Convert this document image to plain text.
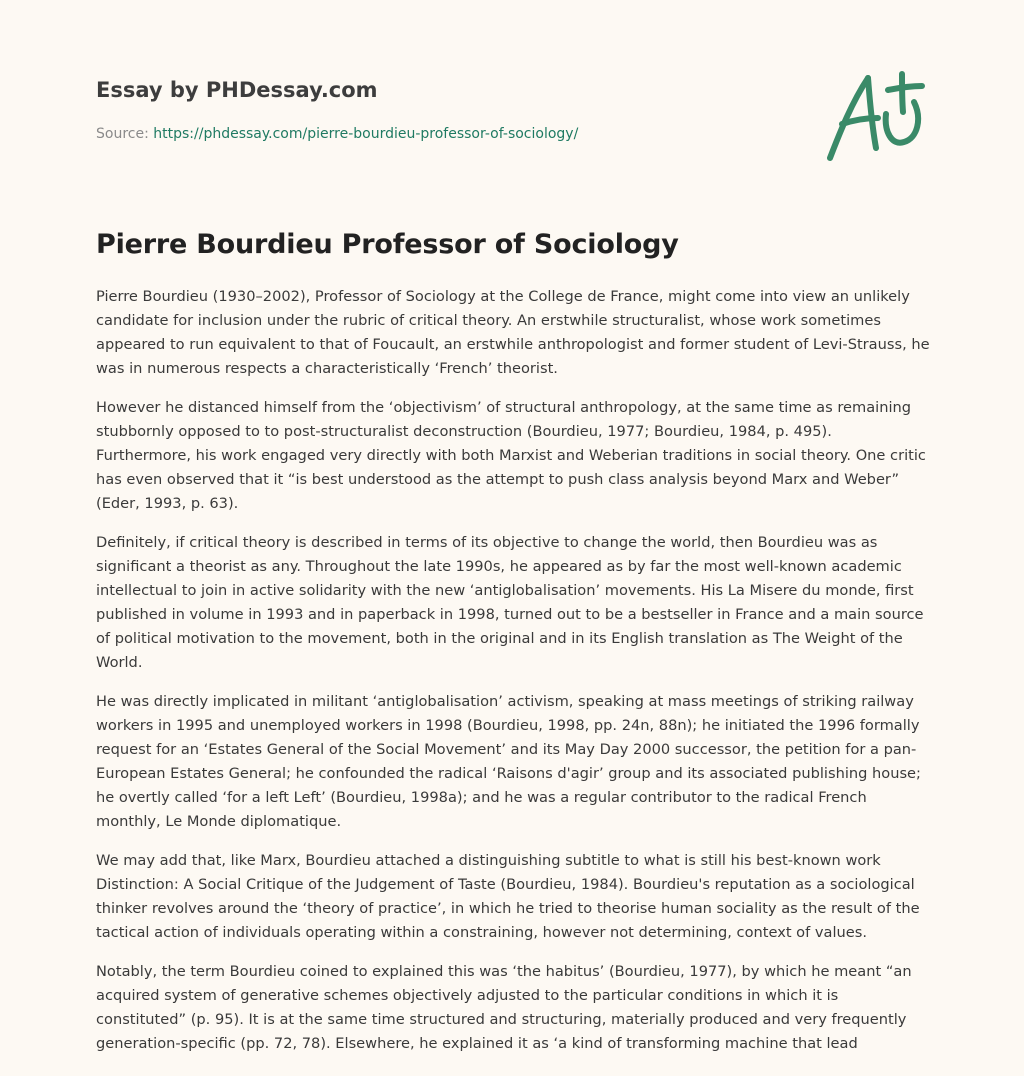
Essay by PHDessay.com
Source: https://phdessay.com/pierre-bourdieu-professor-of-sociology/
Pierre Bourdieu Professor of Sociology

Pierre Bourdieu (1930–2002), Professor of Sociology at the College de France, might come into view an unlikely candidate for inclusion under the rubric of critical theory. An erstwhile structuralist, whose work sometimes appeared to run equivalent to that of Foucault, an erstwhile anthropologist and former student of Levi-Strauss, he was in numerous respects a characteristically ‘French’ theorist.

However he distanced himself from the ‘objectivism’ of structural anthropology, at the same time as remaining stubbornly opposed to to post-structuralist deconstruction (Bourdieu, 1977; Bourdieu, 1984, p. 495). Furthermore, his work engaged very directly with both Marxist and Weberian traditions in social theory. One critic has even observed that it “is best understood as the attempt to push class analysis beyond Marx and Weber” (Eder, 1993, p. 63).

Definitely, if critical theory is described in terms of its objective to change the world, then Bourdieu was as significant a theorist as any. Throughout the late 1990s, he appeared as by far the most well-known academic intellectual to join in active solidarity with the new ‘antiglobalisation’ movements. His La Misere du monde, first published in volume in 1993 and in paperback in 1998, turned out to be a bestseller in France and a main source of political motivation to the movement, both in the original and in its English translation as The Weight of the World.

He was directly implicated in militant ‘antiglobalisation’ activism, speaking at mass meetings of striking railway workers in 1995 and unemployed workers in 1998 (Bourdieu, 1998, pp. 24n, 88n); he initiated the 1996 formally request for an ‘Estates General of the Social Movement’ and its May Day 2000 successor, the petition for a pan-European Estates General; he confounded the radical ‘Raisons d'agir’ group and its associated publishing house; he overtly called ‘for a left Left’ (Bourdieu, 1998a); and he was a regular contributor to the radical French monthly, Le Monde diplomatique.

We may add that, like Marx, Bourdieu attached a distinguishing subtitle to what is still his best-known work Distinction: A Social Critique of the Judgement of Taste (Bourdieu, 1984). Bourdieu's reputation as a sociological thinker revolves around the ‘theory of practice’, in which he tried to theorise human sociality as the result of the tactical action of individuals operating within a constraining, however not determining, context of values.

Notably, the term Bourdieu coined to explained this was ‘the habitus’ (Bourdieu, 1977), by which he meant “an acquired system of generative schemes objectively adjusted to the particular conditions in which it is constituted” (p. 95). It is at the same time structured and structuring, materially produced and very frequently generation-specific (pp. 72, 78). Elsewhere, he explained it as ‘a kind of transforming machine that lead
